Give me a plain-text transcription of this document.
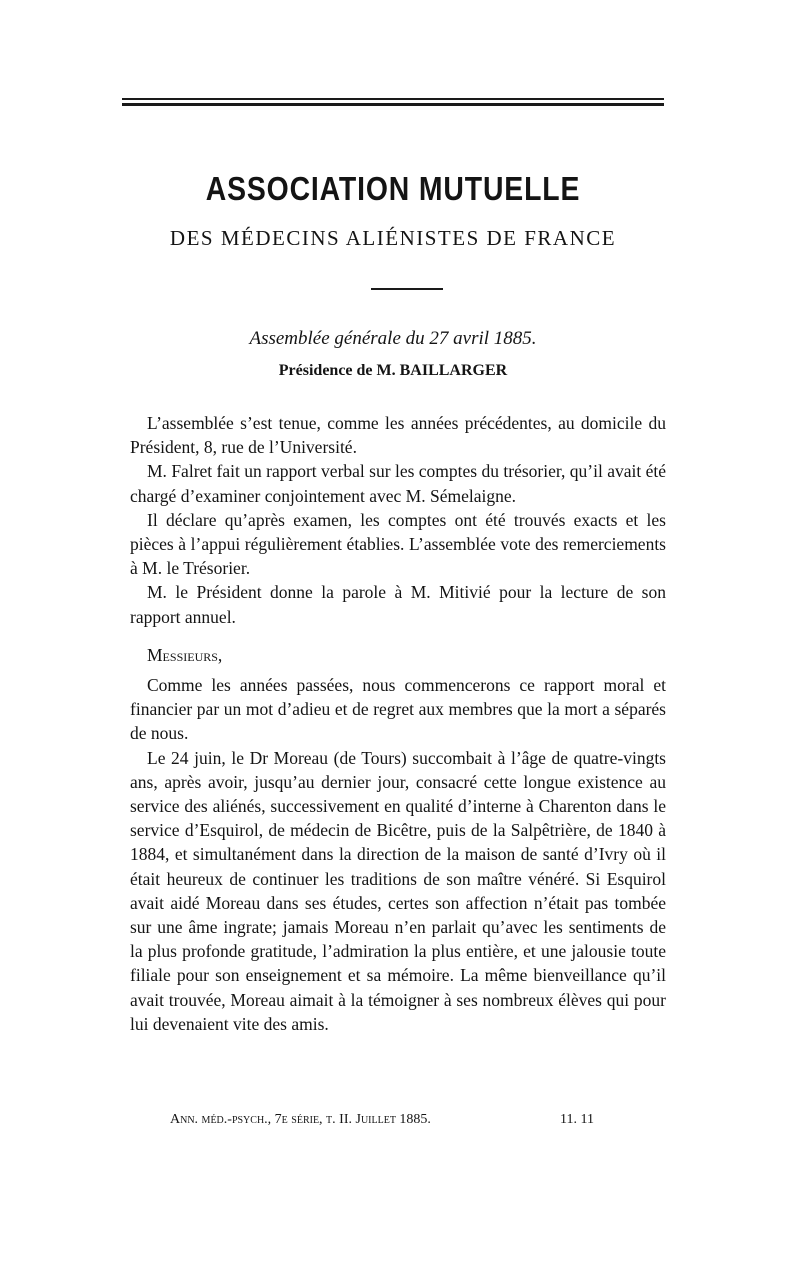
ASSOCIATION MUTUELLE
DES MÉDECINS ALIÉNISTES DE FRANCE
Assemblée générale du 27 avril 1885.
Présidence de M. BAILLARGER

L’assemblée s’est tenue, comme les années précédentes, au domicile du Président, 8, rue de l’Université.

M. Falret fait un rapport verbal sur les comptes du trésorier, qu’il avait été chargé d’examiner conjointement avec M. Sémelaigne.

Il déclare qu’après examen, les comptes ont été trouvés exacts et les pièces à l’appui régulièrement établies. L’assemblée vote des remerciements à M. le Trésorier.

M. le Président donne la parole à M. Mitivié pour la lecture de son rapport annuel.

Messieurs,

Comme les années passées, nous commencerons ce rapport moral et financier par un mot d’adieu et de regret aux membres que la mort a séparés de nous.

Le 24 juin, le Dr Moreau (de Tours) succombait à l’âge de quatre-vingts ans, après avoir, jusqu’au dernier jour, consacré cette longue existence au service des aliénés, successivement en qualité d’interne à Charenton dans le service d’Esquirol, de médecin de Bicêtre, puis de la Salpêtrière, de 1840 à 1884, et simultanément dans la direction de la maison de santé d’Ivry où il était heureux de continuer les traditions de son maître vénéré. Si Esquirol avait aidé Moreau dans ses études, certes son affection n’était pas tombée sur une âme ingrate; jamais Moreau n’en parlait qu’avec les sentiments de la plus profonde gratitude, l’admiration la plus entière, et une jalousie toute filiale pour son enseignement et sa mémoire. La même bienveillance qu’il avait trouvée, Moreau aimait à la témoigner à ses nombreux élèves qui pour lui devenaient vite des amis.

Ann. méd.-psych., 7e série, t. II. Juillet 1885.	11. 11
